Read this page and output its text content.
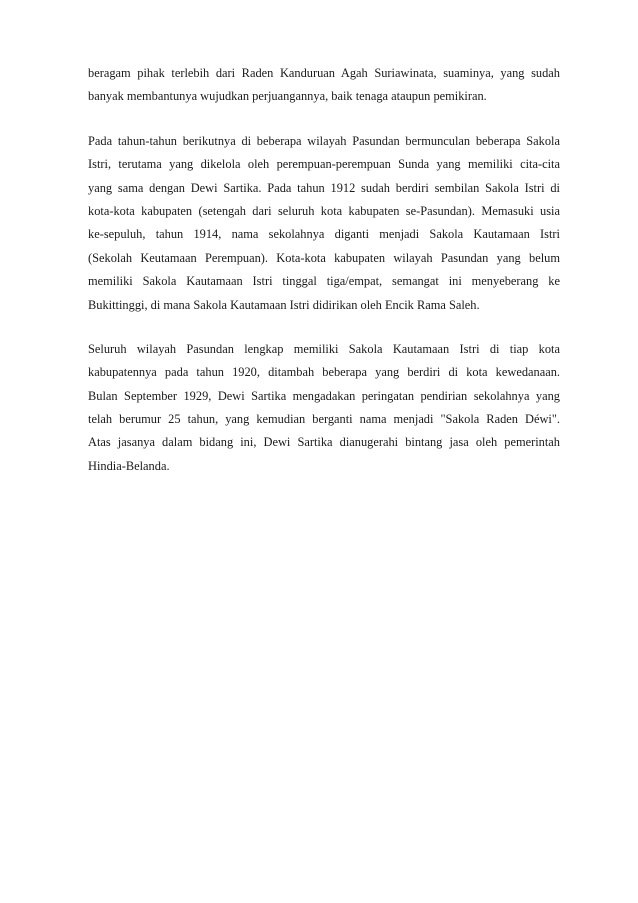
beragam pihak terlebih dari Raden Kanduruan Agah Suriawinata, suaminya, yang sudah
banyak membantunya wujudkan perjuangannya, baik tenaga ataupun pemikiran.
Pada tahun-tahun berikutnya di beberapa wilayah Pasundan bermunculan beberapa Sakola
Istri, terutama yang dikelola oleh perempuan-perempuan Sunda yang memiliki cita-cita
yang sama dengan Dewi Sartika. Pada tahun 1912 sudah berdiri sembilan Sakola Istri di
kota-kota kabupaten (setengah dari seluruh kota kabupaten se-Pasundan). Memasuki usia
ke-sepuluh, tahun 1914, nama sekolahnya diganti menjadi Sakola Kautamaan Istri
(Sekolah Keutamaan Perempuan). Kota-kota kabupaten wilayah Pasundan yang belum
memiliki Sakola Kautamaan Istri tinggal tiga/empat, semangat ini menyeberang ke
Bukittinggi, di mana Sakola Kautamaan Istri didirikan oleh Encik Rama Saleh.
Seluruh wilayah Pasundan lengkap memiliki Sakola Kautamaan Istri di tiap kota
kabupatennya pada tahun 1920, ditambah beberapa yang berdiri di kota kewedanaan.
Bulan September 1929, Dewi Sartika mengadakan peringatan pendirian sekolahnya yang
telah berumur 25 tahun, yang kemudian berganti nama menjadi "Sakola Raden Déwi".
Atas jasanya dalam bidang ini, Dewi Sartika dianugerahi bintang jasa oleh pemerintah
Hindia-Belanda.
